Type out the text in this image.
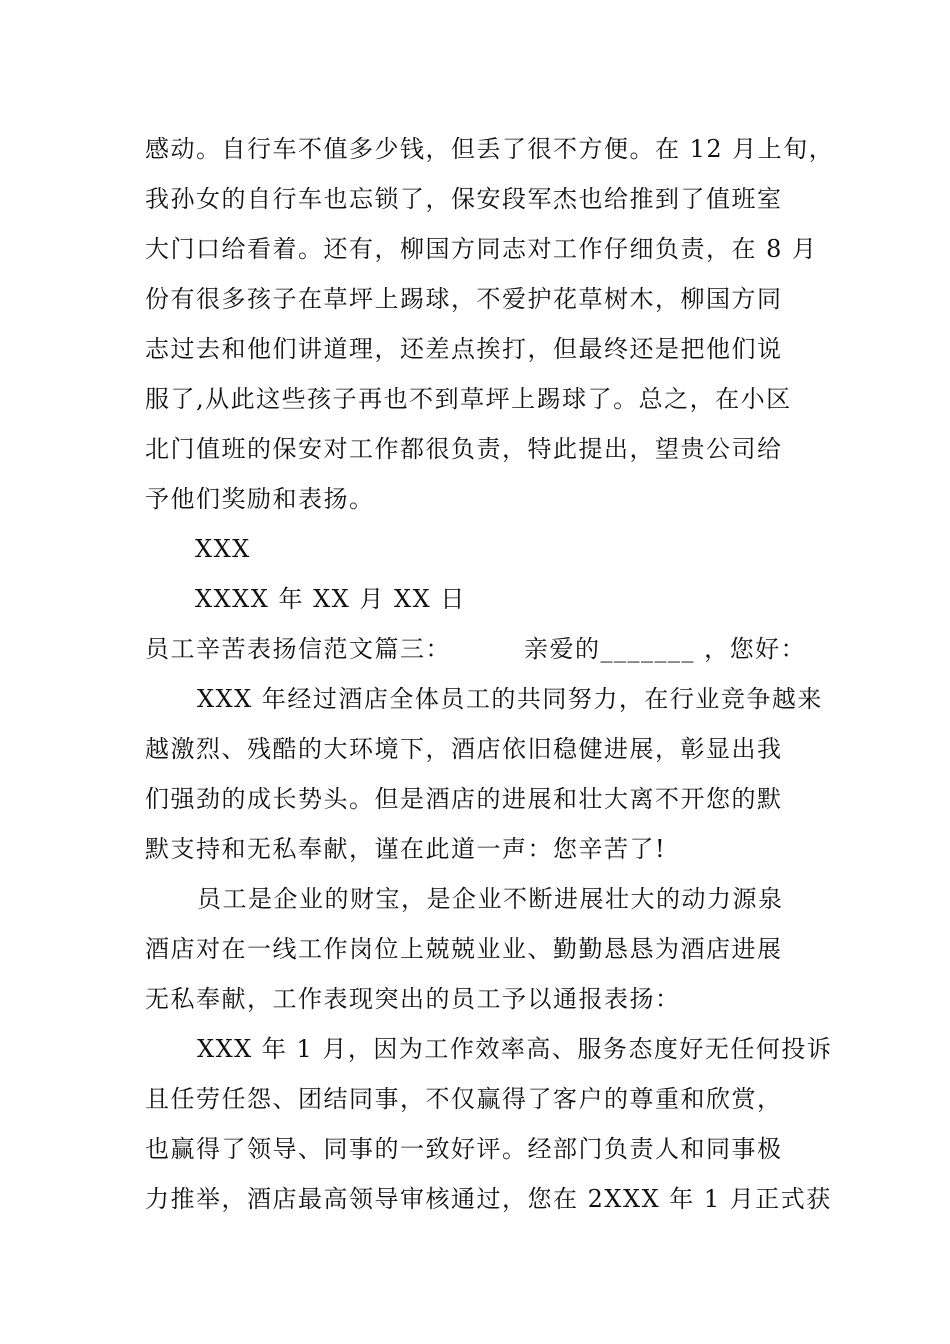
感动。自行车不值多少钱，但丢了很不方便。在 12 月上旬，
我孙女的自行车也忘锁了，保安段军杰也给推到了值班室
大门口给看着。还有，柳国方同志对工作仔细负责，在 8 月
份有很多孩子在草坪上踢球，不爱护花草树木，柳国方同
志过去和他们讲道理，还差点挨打，但最终还是把他们说
服了,从此这些孩子再也不到草坪上踢球了。总之，在小区
北门值班的保安对工作都很负责，特此提出，望贵公司给
予他们奖励和表扬。
XXX
XXXX 年 XX 月 XX 日
员工辛苦表扬信范文篇三：        亲爱的_______ ，您好：
XXX 年经过酒店全体员工的共同努力，在行业竞争越来
越激烈、残酷的大环境下，酒店依旧稳健进展，彰显出我
们强劲的成长势头。但是酒店的进展和壮大离不开您的默
默支持和无私奉献，谨在此道一声：您辛苦了!
员工是企业的财宝，是企业不断进展壮大的动力源泉
酒店对在一线工作岗位上兢兢业业、勤勤恳恳为酒店进展
无私奉献，工作表现突出的员工予以通报表扬：
XXX 年 1 月，因为工作效率高、服务态度好无任何投诉
且任劳任怨、团结同事，不仅赢得了客户的尊重和欣赏，
也赢得了领导、同事的一致好评。经部门负责人和同事极
力推举，酒店最高领导审核通过，您在 2XXX 年 1 月正式获
